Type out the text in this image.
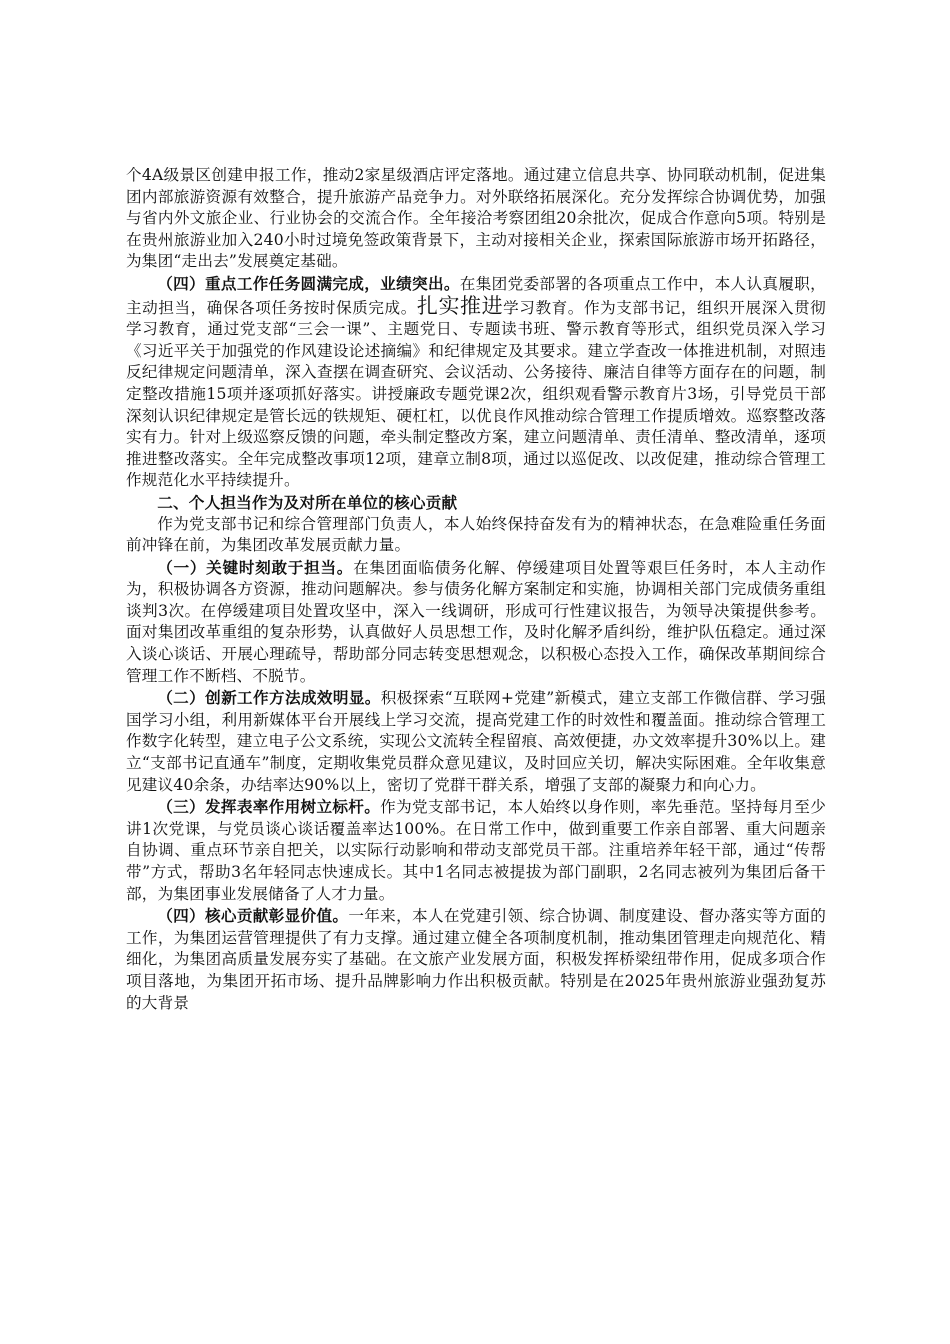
个4A级景区创建申报工作，推动2家星级酒店评定落地。通过建立信息共享、协同联动机制，促进集团内部旅游资源有效整合，提升旅游产品竞争力。对外联络拓展深化。充分发挥综合协调优势，加强与省内外文旅企业、行业协会的交流合作。全年接洽考察团组20余批次，促成合作意向5项。特别是在贵州旅游业加入240小时过境免签政策背景下，主动对接相关企业，探索国际旅游市场开拓路径，为集团“走出去”发展奠定基础。

（四）重点工作任务圆满完成，业绩突出。在集团党委部署的各项重点工作中，本人认真履职，主动担当，确保各项任务按时保质完成。扎实推进学习教育。作为支部书记，组织开展深入贯彻学习教育，通过党支部“三会一课”、主题党日、专题读书班、警示教育等形式，组织党员深入学习《习近平关于加强党的作风建设论述摘编》和纪律规定及其要求。建立学查改一体推进机制，对照违反纪律规定问题清单，深入查摆在调查研究、会议活动、公务接待、廉洁自律等方面存在的问题，制定整改措施15项并逐项抓好落实。讲授廉政专题党课2次，组织观看警示教育片3场，引导党员干部深刻认识纪律规定是管长远的铁规矩、硬杠杠，以优良作风推动综合管理工作提质增效。巡察整改落实有力。针对上级巡察反馈的问题，牵头制定整改方案，建立问题清单、责任清单、整改清单，逐项推进整改落实。全年完成整改事项12项，建章立制8项，通过以巡促改、以改促建，推动综合管理工作规范化水平持续提升。

二、个人担当作为及对所在单位的核心贡献

作为党支部书记和综合管理部门负责人，本人始终保持奋发有为的精神状态，在急难险重任务面前冲锋在前，为集团改革发展贡献力量。

（一）关键时刻敢于担当。在集团面临债务化解、停缓建项目处置等艰巨任务时，本人主动作为，积极协调各方资源，推动问题解决。参与债务化解方案制定和实施，协调相关部门完成债务重组谈判3次。在停缓建项目处置攻坚中，深入一线调研，形成可行性建议报告，为领导决策提供参考。面对集团改革重组的复杂形势，认真做好人员思想工作，及时化解矛盾纠纷，维护队伍稳定。通过深入谈心谈话、开展心理疏导，帮助部分同志转变思想观念，以积极心态投入工作，确保改革期间综合管理工作不断档、不脱节。

（二）创新工作方法成效明显。积极探索“互联网+党建”新模式，建立支部工作微信群、学习强国学习小组，利用新媒体平台开展线上学习交流，提高党建工作的时效性和覆盖面。推动综合管理工作数字化转型，建立电子公文系统，实现公文流转全程留痕、高效便捷，办文效率提升30%以上。建立“支部书记直通车”制度，定期收集党员群众意见建议，及时回应关切，解决实际困难。全年收集意见建议40余条，办结率达90%以上，密切了党群干群关系，增强了支部的凝聚力和向心力。

（三）发挥表率作用树立标杆。作为党支部书记，本人始终以身作则，率先垂范。坚持每月至少讲1次党课，与党员谈心谈话覆盖率达100%。在日常工作中，做到重要工作亲自部署、重大问题亲自协调、重点环节亲自把关，以实际行动影响和带动支部党员干部。注重培养年轻干部，通过“传帮带”方式，帮助3名年轻同志快速成长。其中1名同志被提拔为部门副职，2名同志被列为集团后备干部，为集团事业发展储备了人才力量。

（四）核心贡献彰显价值。一年来，本人在党建引领、综合协调、制度建设、督办落实等方面的工作，为集团运营管理提供了有力支撑。通过建立健全各项制度机制，推动集团管理走向规范化、精细化，为集团高质量发展夯实了基础。在文旅产业发展方面，积极发挥桥梁纽带作用，促成多项合作项目落地，为集团开拓市场、提升品牌影响力作出积极贡献。特别是在2025年贵州旅游业强劲复苏的大背景
